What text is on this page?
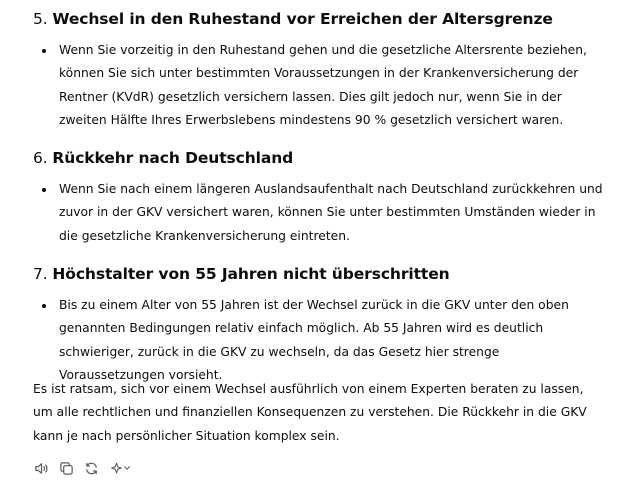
5. Wechsel in den Ruhestand vor Erreichen der Altersgrenze
Wenn Sie vorzeitig in den Ruhestand gehen und die gesetzliche Altersrente beziehen, können Sie sich unter bestimmten Voraussetzungen in der Krankenversicherung der Rentner (KVdR) gesetzlich versichern lassen. Dies gilt jedoch nur, wenn Sie in der zweiten Hälfte Ihres Erwerbslebens mindestens 90 % gesetzlich versichert waren.
6. Rückkehr nach Deutschland
Wenn Sie nach einem längeren Auslandsaufenthalt nach Deutschland zurückkehren und zuvor in der GKV versichert waren, können Sie unter bestimmten Umständen wieder in die gesetzliche Krankenversicherung eintreten.
7. Höchstalter von 55 Jahren nicht überschritten
Bis zu einem Alter von 55 Jahren ist der Wechsel zurück in die GKV unter den oben genannten Bedingungen relativ einfach möglich. Ab 55 Jahren wird es deutlich schwieriger, zurück in die GKV zu wechseln, da das Gesetz hier strenge Voraussetzungen vorsieht.

Es ist ratsam, sich vor einem Wechsel ausführlich von einem Experten beraten zu lassen, um alle rechtlichen und finanziellen Konsequenzen zu verstehen. Die Rückkehr in die GKV kann je nach persönlicher Situation komplex sein.
